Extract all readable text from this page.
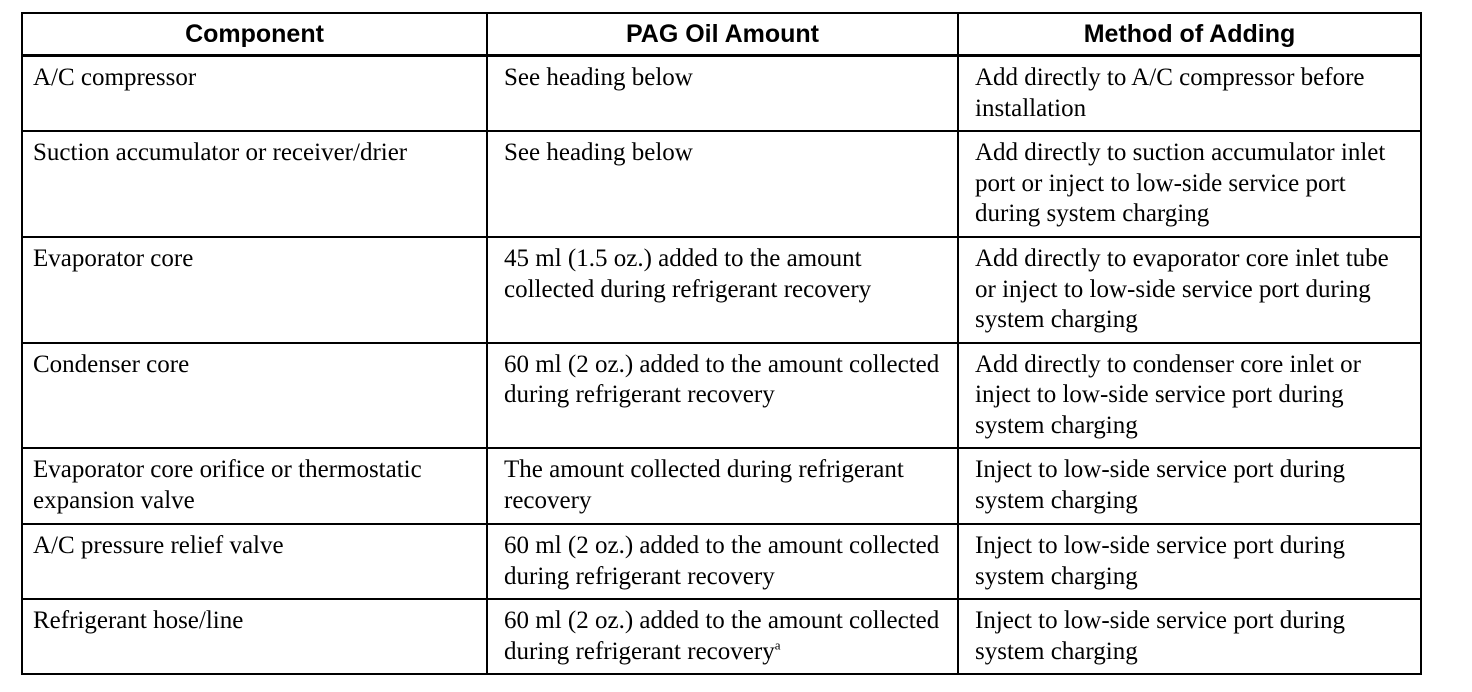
Component	PAG Oil Amount	Method of Adding
A/C compressor	See heading below	Add directly to A/C compressor before installation
Suction accumulator or receiver/drier	See heading below	Add directly to suction accumulator inlet port or inject to low-side service port during system charging
Evaporator core	45 ml (1.5 oz.) added to the amount collected during refrigerant recovery	Add directly to evaporator core inlet tube or inject to low-side service port during system charging
Condenser core	60 ml (2 oz.) added to the amount collected during refrigerant recovery	Add directly to condenser core inlet or inject to low-side service port during system charging
Evaporator core orifice or thermostatic expansion valve	The amount collected during refrigerant recovery	Inject to low-side service port during system charging
A/C pressure relief valve	60 ml (2 oz.) added to the amount collected during refrigerant recovery	Inject to low-side service port during system charging
Refrigerant hose/line	60 ml (2 oz.) added to the amount collected during refrigerant recovery$^a$	Inject to low-side service port during system charging
